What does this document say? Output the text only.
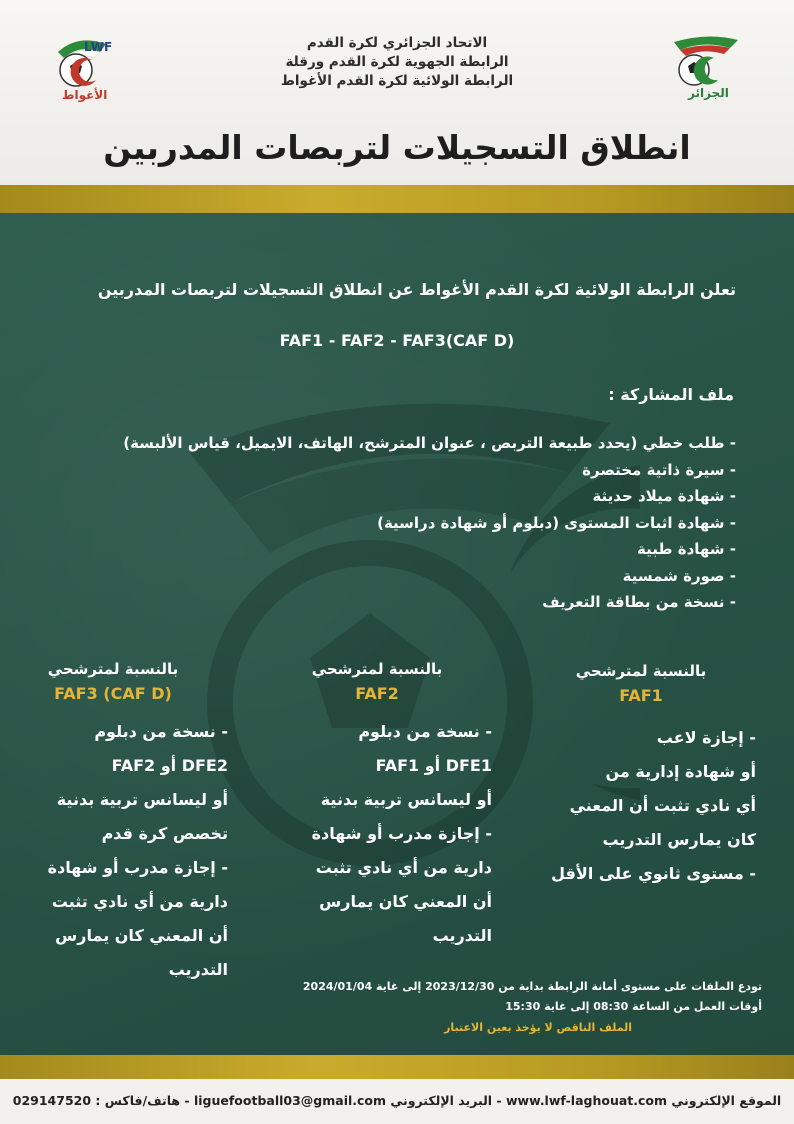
LWF
الأغواط
الاتحاد الجزائري لكرة القدم
الرابطة الجهوية لكرة القدم ورقلة
الرابطة الولائية لكرة القدم الأغواط
الجزائر
انطلاق التسجيلات لتربصات المدربين
تعلن الرابطة الولائية لكرة القدم الأغواط عن انطلاق التسجيلات لتربصات المدربين
FAF1 - FAF2 - FAF3(CAF D)
ملف المشاركة :
- طلب خطي (يحدد طبيعة التربص ، عنوان المترشح، الهاتف، الايميل، قياس الألبسة)
- سيرة ذاتية مختصرة
- شهادة ميلاد حديثة
- شهادة اثبات المستوى (دبلوم أو شهادة دراسية)
- شهادة طبية
- صورة شمسية
- نسخة من بطاقة التعريف
بالنسبة لمترشحي
FAF1
- إجازة لاعب
أو شهادة إدارية من
أي نادي تثبت أن المعني
كان يمارس التدريب
- مستوى ثانوي على الأقل
بالنسبة لمترشحي
FAF2
- نسخة من دبلوم
DFE1 أو FAF1
أو ليسانس تربية بدنية
- إجازة مدرب أو شهادة
دارية من أي نادي تثبت
أن المعني كان يمارس
التدريب
بالنسبة لمترشحي
FAF3 (CAF D)
- نسخة من دبلوم
DFE2 أو FAF2
أو ليسانس تربية بدنية
تخصص كرة قدم
- إجازة مدرب أو شهادة
دارية من أي نادي تثبت
أن المعني كان يمارس
التدريب
تودع الملفات على مستوى أمانة الرابطة بداية من 2023/12/30 إلى غاية 2024/01/04
أوقات العمل من الساعة 08:30 إلى غاية 15:30
الملف الناقص لا يؤخذ بعين الاعتبار
الموقع الإلكتروني www.lwf-laghouat.com - البريد الإلكتروني liguefootball03@gmail.com - هاتف/فاكس : 029147520
